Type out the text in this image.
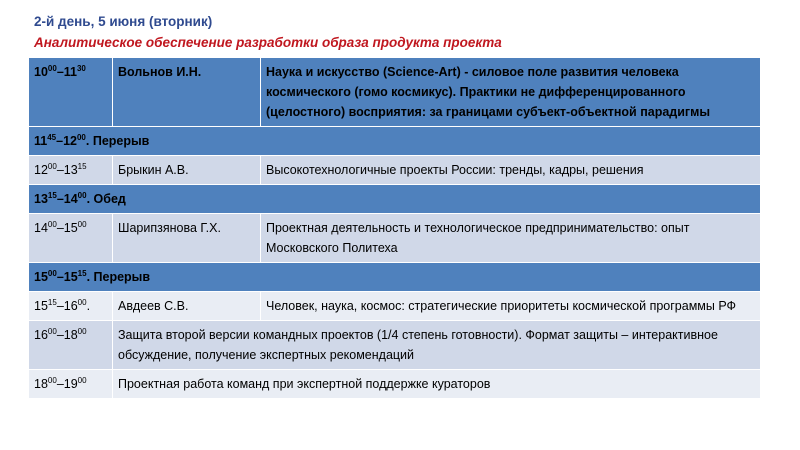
2-й день, 5 июня (вторник)
Аналитическое обеспечение разработки образа продукта проекта
$10^{00}-11^{30}$	Вольнов И.Н.	Наука и искусство (Science-Art) - силовое поле развития человека космического (гомо космикус). Практики не дифференцированного (целостного) восприятия: за границами субъект-объектной парадигмы
$11^{45}-12^{00}$. Перерыв		
$12^{00}-13^{15}$	Брыкин А.В.	Высокотехнологичные проекты России: тренды, кадры, решения
$13^{15}-14^{00}$. Обед		
$14^{00}-15^{00}$	Шарипзянова Г.Х.	Проектная деятельность и технологическое предпринимательство: опыт Московского Политеха
$15^{00}-15^{15}$. Перерыв		
$15^{15}-16^{00}$.	Авдеев С.В.	Человек, наука, космос: стратегические приоритеты космической программы РФ
$16^{00}-18^{00}$	Защита второй версии командных проектов (1/4 степень готовности). Формат защиты – интерактивное обсуждение, получение экспертных рекомендаций	
$18^{00}-19^{00}$	Проектная работа команд при экспертной поддержке кураторов	
